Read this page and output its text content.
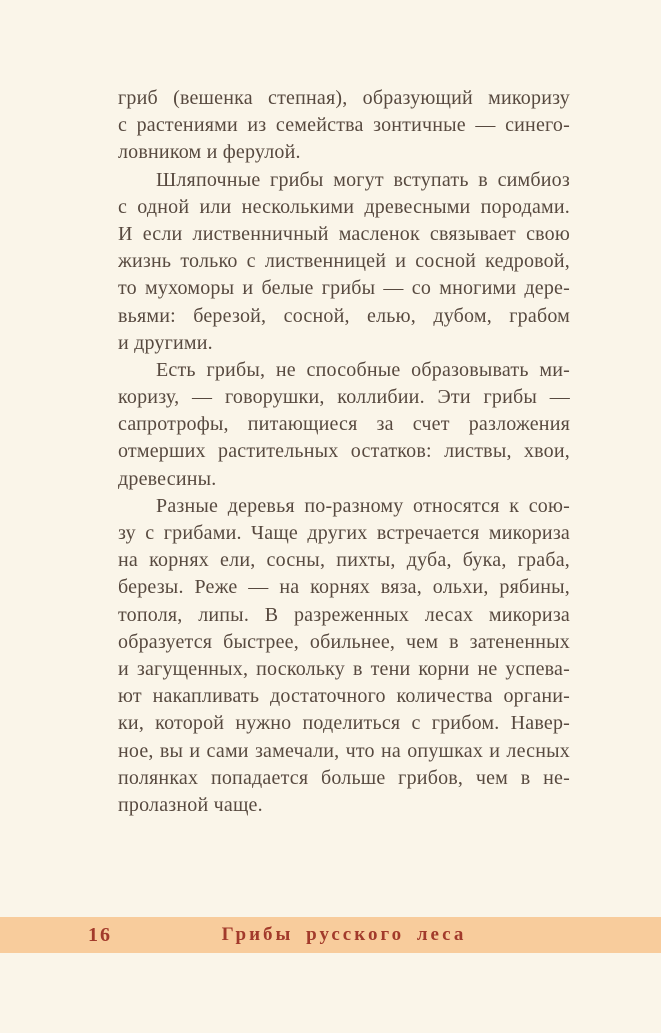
гриб (вешенка степная), образующий микоризу
с растениями из семейства зонтичные — синего-
ловником и ферулой.
Шляпочные грибы могут вступать в симбиоз
с одной или несколькими древесными породами.
И если лиственничный масленок связывает свою
жизнь только с лиственницей и сосной кедровой,
то мухоморы и белые грибы — со многими дере-
вьями: березой, сосной, елью, дубом, грабом
и другими.
Есть грибы, не способные образовывать ми-
коризу, — говорушки, коллибии. Эти грибы —
сапротрофы, питающиеся за счет разложения
отмерших растительных остатков: листвы, хвои,
древесины.
Разные деревья по-разному относятся к сою-
зу с грибами. Чаще других встречается микориза
на корнях ели, сосны, пихты, дуба, бука, граба,
березы. Реже — на корнях вяза, ольхи, рябины,
тополя, липы. В разреженных лесах микориза
образуется быстрее, обильнее, чем в затененных
и загущенных, поскольку в тени корни не успева-
ют накапливать достаточного количества органи-
ки, которой нужно поделиться с грибом. Навер-
ное, вы и сами замечали, что на опушках и лесных
полянках попадается больше грибов, чем в не-
пролазной чаще.
16	Грибы русского леса
